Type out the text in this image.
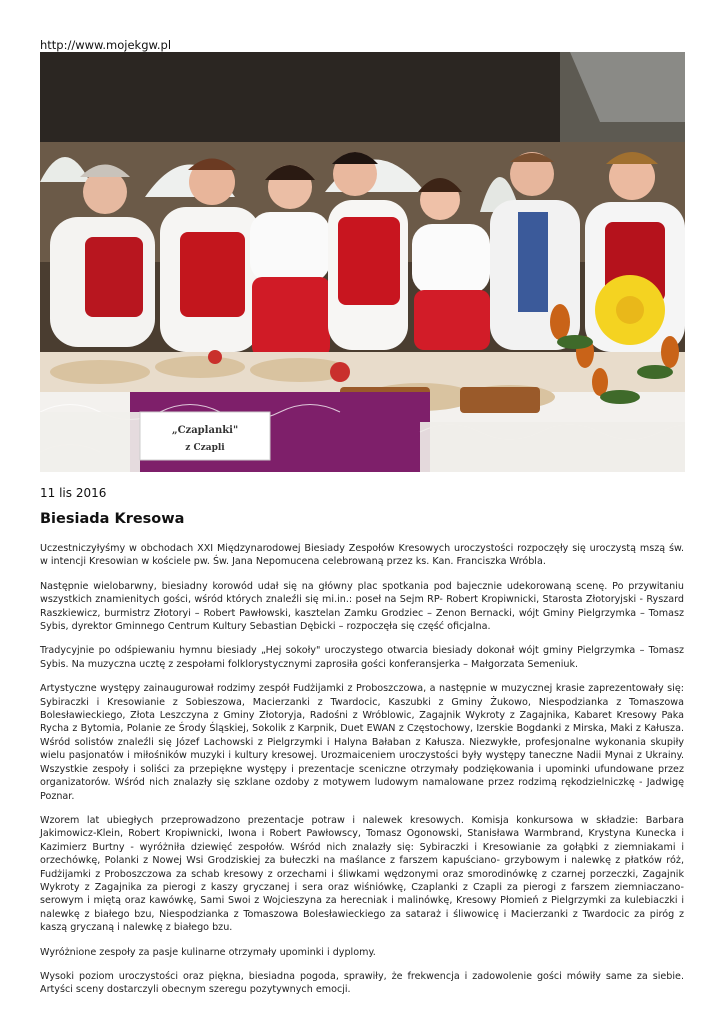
http://www.mojekgw.pl
„Czaplanki"
z Czapli
11 lis 2016
Biesiada Kresowa

Uczestniczyłyśmy w obchodach XXI Międzynarodowej Biesiady Zespołów Kresowych uroczystości rozpoczęły się uroczystą mszą św. w intencji Kresowian w kościele pw. Św. Jana Nepomucena celebrowaną przez ks. Kan. Franciszka Wróbla.

Następnie wielobarwny, biesiadny korowód udał się na główny plac spotkania pod bajecznie udekorowaną scenę. Po przywitaniu wszystkich znamienitych gości, wśród których znaleźli się mi.in.: poseł na Sejm RP- Robert Kropiwnicki, Starosta Złotoryjski - Ryszard Raszkiewicz, burmistrz Złotoryi – Robert Pawłowski, kasztelan Zamku Grodziec – Zenon Bernacki, wójt Gminy Pielgrzymka – Tomasz Sybis, dyrektor Gminnego Centrum Kultury Sebastian Dębicki – rozpoczęła się część oficjalna.

Tradycyjnie po odśpiewaniu hymnu biesiady „Hej sokoły" uroczystego otwarcia biesiady dokonał wójt gminy Pielgrzymka – Tomasz Sybis. Na muzyczna ucztę z zespołami folklorystycznymi zaprosiła gości konferansjerka – Małgorzata Semeniuk.

Artystyczne występy zainaugurował rodzimy zespół Fudżijamki z Proboszczowa, a następnie w muzycznej krasie zaprezentowały się: Sybiraczki i Kresowianie z Sobieszowa, Macierzanki z Twardocic, Kaszubki z Gminy Żukowo, Niespodzianka z Tomaszowa Bolesławieckiego, Złota Leszczyna z Gminy Złotoryja, Radośni z Wróblowic, Zagajnik Wykroty z Zagajnika, Kabaret Kresowy Paka Rycha z Bytomia, Polanie ze Środy Śląskiej, Sokolik z Karpnik, Duet EWAN z Częstochowy, Izerskie Bogdanki z Mirska, Maki z Kałusza. Wśród solistów znaleźli się Józef Lachowski z Pielgrzymki i Halyna Bałaban z Kałusza. Niezwykłe, profesjonalne wykonania skupiły wielu pasjonatów i miłośników muzyki i kultury kresowej. Urozmaiceniem uroczystości były występy taneczne Nadii Mynai z Ukrainy. Wszystkie zespoły i soliści za przepiękne występy i prezentacje sceniczne otrzymały podziękowania i upominki ufundowane przez organizatorów. Wśród nich znalazły się szklane ozdoby z motywem ludowym namalowane przez rodzimą rękodzielniczkę - Jadwigę Poznar.

Wzorem lat ubiegłych przeprowadzono prezentacje potraw i nalewek kresowych. Komisja konkursowa w składzie: Barbara Jakimowicz-Klein, Robert Kropiwnicki, Iwona i Robert Pawłowscy, Tomasz Ogonowski, Stanisława Warmbrand, Krystyna Kunecka i Kazimierz Burtny - wyróżniła dziewięć zespołów. Wśród nich znalazły się: Sybiraczki i Kresowianie za gołąbki z ziemniakami i orzechówkę, Polanki z Nowej Wsi Grodziskiej za bułeczki na maślance z farszem kapuściano- grzybowym i nalewkę z płatków róż, Fudżijamki z Proboszczowa za schab kresowy z orzechami i śliwkami wędzonymi oraz smorodinówkę z czarnej porzeczki, Zagajnik Wykroty z Zagajnika za pierogi z kaszy gryczanej i sera oraz wiśniówkę, Czaplanki z Czapli za pierogi z farszem ziemniaczano-serowym i miętą oraz kawówkę, Sami Swoi z Wojcieszyna za herecniak i malinówkę, Kresowy Płomień z Pielgrzymki za kulebiaczki i nalewkę z białego bzu, Niespodzianka z Tomaszowa Bolesławieckiego za sataraż i śliwowicę i Macierzanki z Twardocic za piróg z kaszą gryczaną i nalewkę z białego bzu.

Wyróżnione zespoły za pasje kulinarne otrzymały upominki i dyplomy.

Wysoki poziom uroczystości oraz piękna, biesiadna pogoda, sprawiły, że frekwencja i zadowolenie gości mówiły same za siebie. Artyści sceny dostarczyli obecnym szeregu pozytywnych emocji.
